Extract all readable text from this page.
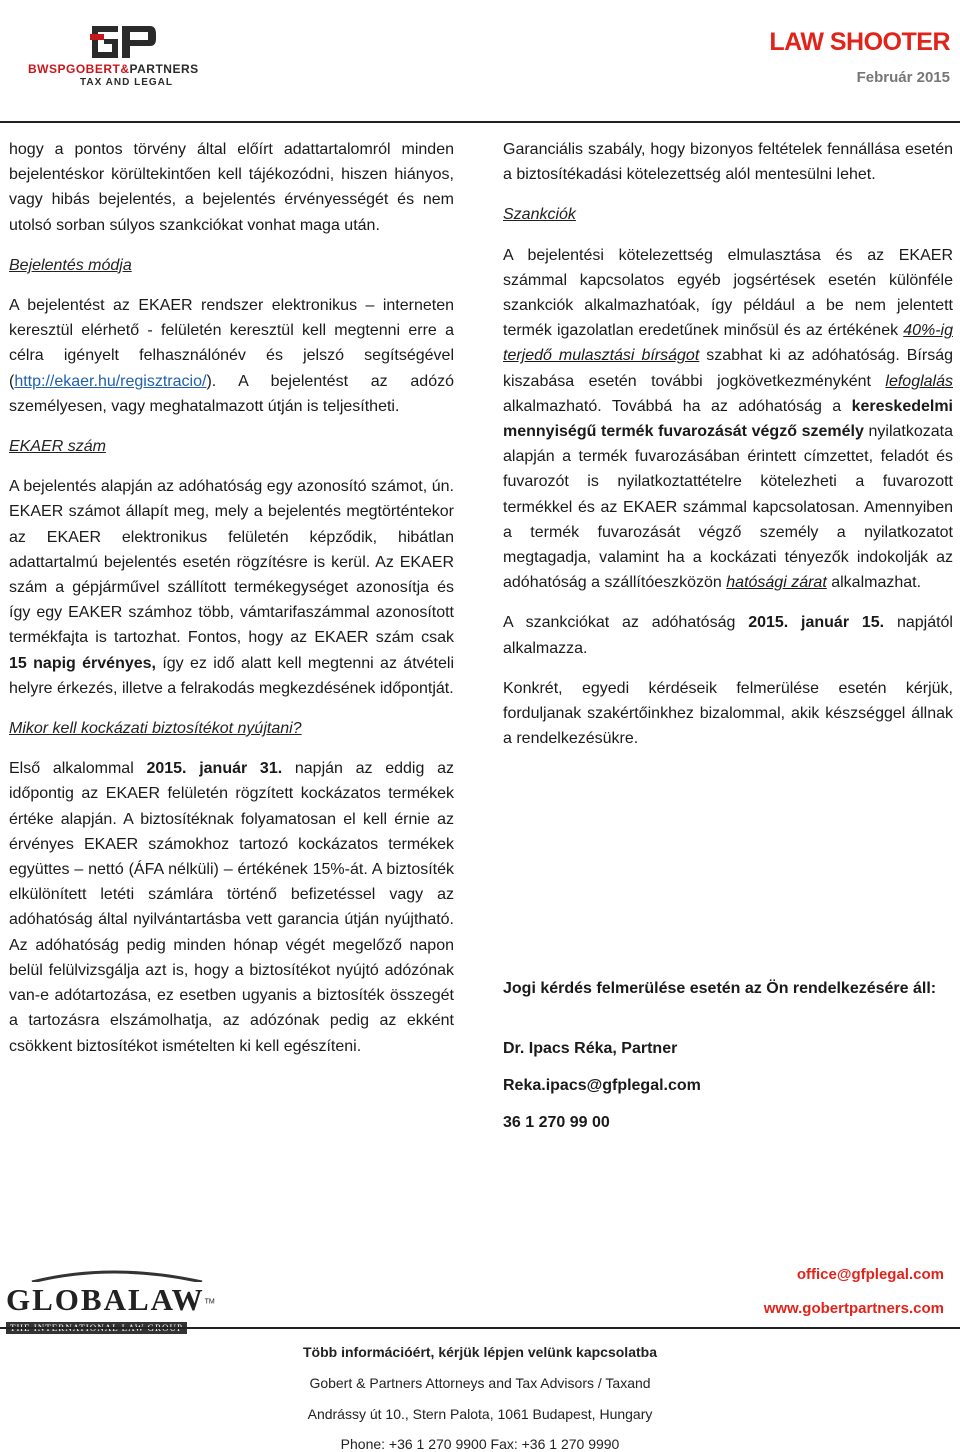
BWSPGOBERT&PARTNERS
TAX AND LEGAL
LAW SHOOTER
Február 2015

hogy a pontos törvény által előírt adattartalomról minden bejelentéskor körültekintően kell tájékozódni, hiszen hiányos, vagy hibás bejelentés, a bejelentés érvényességét és nem utolsó sorban súlyos szankciókat vonhat maga után.

Bejelentés módja

A bejelentést az EKAER rendszer elektronikus – interneten keresztül elérhető - felületén keresztül kell megtenni erre a célra igényelt felhasználónév és jelszó segítségével (http://ekaer.hu/regisztracio/). A bejelentést az adózó személyesen, vagy meghatalmazott útján is teljesítheti.

EKAER szám

A bejelentés alapján az adóhatóság egy azonosító számot, ún. EKAER számot állapít meg, mely a bejelentés megtörténtekor az EKAER elektronikus felületén képződik, hibátlan adattartalmú bejelentés esetén rögzítésre is kerül. Az EKAER szám a gépjárművel szállított termékegységet azonosítja és így egy EAKER számhoz több, vámtarifaszámmal azonosított termékfajta is tartozhat. Fontos, hogy az EKAER szám csak 15 napig érvényes, így ez idő alatt kell megtenni az átvételi helyre érkezés, illetve a felrakodás megkezdésének időpontját.

Mikor kell kockázati biztosítékot nyújtani?

Első alkalommal 2015. január 31. napján az eddig az időpontig az EKAER felületén rögzített kockázatos termékek értéke alapján. A biztosítéknak folyamatosan el kell érnie az érvényes EKAER számokhoz tartozó kockázatos termékek együttes – nettó (ÁFA nélküli) – értékének 15%-át. A biztosíték elkülönített letéti számlára történő befizetéssel vagy az adóhatóság által nyilvántartásba vett garancia útján nyújtható. Az adóhatóság pedig minden hónap végét megelőző napon belül felülvizsgálja azt is, hogy a biztosítékot nyújtó adózónak van-e adótartozása, ez esetben ugyanis a biztosíték összegét a tartozásra elszámolhatja, az adózónak pedig az ekként csökkent biztosítékot ismételten ki kell egészíteni.

Garanciális szabály, hogy bizonyos feltételek fennállása esetén a biztosítékadási kötelezettség alól mentesülni lehet.

Szankciók

A bejelentési kötelezettség elmulasztása és az EKAER számmal kapcsolatos egyéb jogsértések esetén különféle szankciók alkalmazhatóak, így például a be nem jelentett termék igazolatlan eredetűnek minősül és az értékének 40%-ig terjedő mulasztási bírságot szabhat ki az adóhatóság. Bírság kiszabása esetén további jogkövetkezményként lefoglalás alkalmazható. Továbbá ha az adóhatóság a kereskedelmi mennyiségű termék fuvarozását végző személy nyilatkozata alapján a termék fuvarozásában érintett címzettet, feladót és fuvarozót is nyilatkoztattételre kötelezheti a fuvarozott termékkel és az EKAER számmal kapcsolatosan. Amennyiben a termék fuvarozását végző személy a nyilatkozatot megtagadja, valamint ha a kockázati tényezők indokolják az adóhatóság a szállítóeszközön hatósági zárat alkalmazhat.

A szankciókat az adóhatóság 2015. január 15. napjától alkalmazza.

Konkrét, egyedi kérdéseik felmerülése esetén kérjük, forduljanak szakértőinkhez bizalommal, akik készséggel állnak a rendelkezésükre.

Jogi kérdés felmerülése esetén az Ön rendelkezésére áll:
Dr. Ipacs Réka, Partner
Reka.ipacs@gfplegal.com
36 1 270 99 00
GLOBALAW™
office@gfplegal.com
www.gobertpartners.com
Több információért, kérjük lépjen velünk kapcsolatba
Gobert & Partners Attorneys and Tax Advisors / Taxand
Andrássy út 10., Stern Palota, 1061 Budapest, Hungary
Phone: +36 1 270 9900 Fax: +36 1 270 9990
